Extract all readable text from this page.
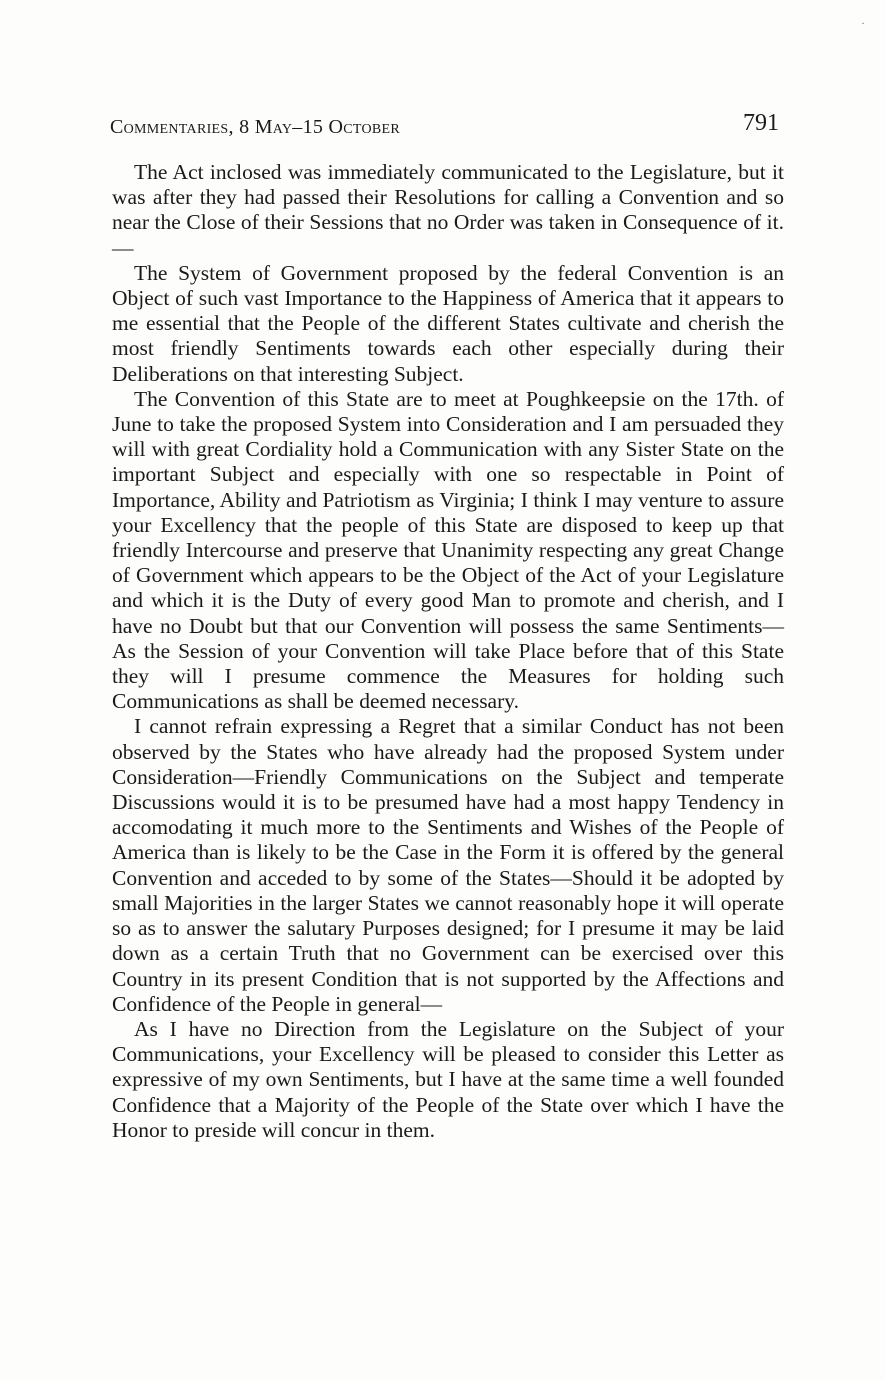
·
Commentaries, 8 May–15 October	791

The Act inclosed was immediately communicated to the Legislature, but it was after they had passed their Resolutions for calling a Convention and so near the Close of their Sessions that no Order was taken in Consequence of it.—

The System of Government proposed by the federal Convention is an Object of such vast Importance to the Happiness of America that it appears to me essential that the People of the different States cultivate and cherish the most friendly Sentiments towards each other especially during their Deliberations on that interesting Subject.

The Convention of this State are to meet at Poughkeepsie on the 17th. of June to take the proposed System into Consideration and I am persuaded they will with great Cordiality hold a Communication with any Sister State on the important Subject and especially with one so respectable in Point of Importance, Ability and Patriotism as Virginia; I think I may venture to assure your Excellency that the people of this State are disposed to keep up that friendly Intercourse and preserve that Unanimity respecting any great Change of Government which appears to be the Object of the Act of your Legislature and which it is the Duty of every good Man to promote and cherish, and I have no Doubt but that our Convention will possess the same Sentiments—As the Session of your Convention will take Place before that of this State they will I presume commence the Measures for holding such Communications as shall be deemed necessary.

I cannot refrain expressing a Regret that a similar Conduct has not been observed by the States who have already had the proposed System under Consideration—Friendly Communications on the Subject and temperate Discussions would it is to be presumed have had a most happy Tendency in accomodating it much more to the Sentiments and Wishes of the People of America than is likely to be the Case in the Form it is offered by the general Convention and acceded to by some of the States—Should it be adopted by small Majorities in the larger States we cannot reasonably hope it will operate so as to answer the salutary Purposes designed; for I presume it may be laid down as a certain Truth that no Government can be exercised over this Country in its present Condition that is not supported by the Affections and Confidence of the People in general—

As I have no Direction from the Legislature on the Subject of your Communications, your Excellency will be pleased to consider this Letter as expressive of my own Sentiments, but I have at the same time a well founded Confidence that a Majority of the People of the State over which I have the Honor to preside will concur in them.
